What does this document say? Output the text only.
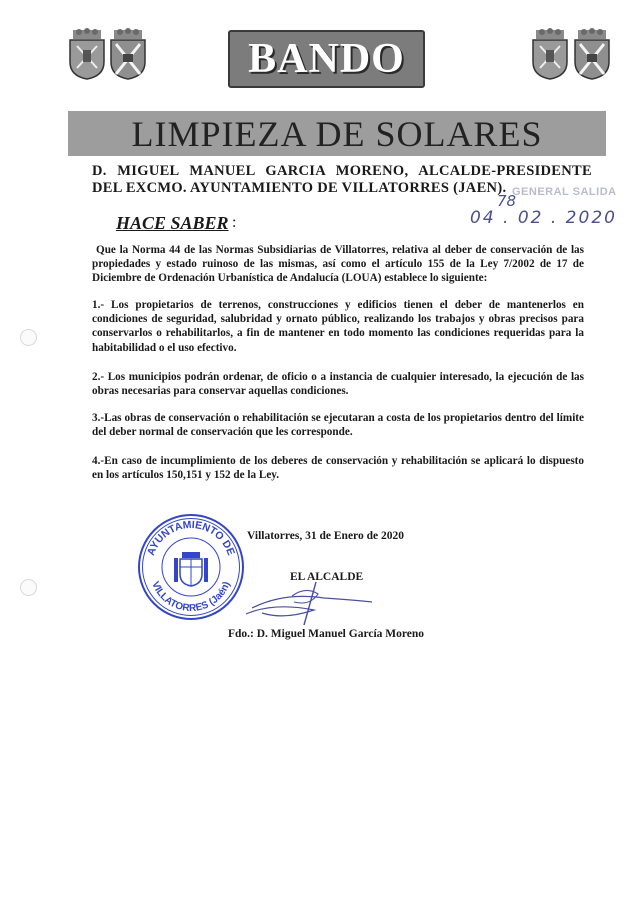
BANDO
LIMPIEZA DE SOLARES
GENERAL SALIDA
78
04 . 02 . 2020
D. MIGUEL MANUEL GARCIA MORENO, ALCALDE-PRESIDENTE
DEL EXCMO. AYUNTAMIENTO DE VILLATORRES (JAEN).
HACE SABER :
Que la Norma 44 de las Normas Subsidiarias de Villatorres, relativa al deber de conservación de las propiedades y estado ruinoso de las mismas, así como el artículo 155 de la Ley 7/2002 de 17 de Diciembre de Ordenación Urbanística de Andalucía (LOUA) establece lo siguiente:
1.- Los propietarios de terrenos, construcciones y edificios tienen el deber de mantenerlos en condiciones de seguridad, salubridad y ornato público, realizando los trabajos y obras precisos para conservarlos o rehabilitarlos, a fin de mantener en todo momento las condiciones requeridas para la habitabilidad o el uso efectivo.
2.- Los municipios podrán ordenar, de oficio o a instancia de cualquier interesado, la ejecución de las obras necesarias para conservar aquellas condiciones.
3.-Las obras de conservación o rehabilitación se ejecutaran a costa de los propietarios dentro del límite del deber normal de conservación que les corresponde.
4.-En caso de incumplimiento de los deberes de conservación y rehabilitación se aplicará lo dispuesto en los artículos 150,151 y 152 de la Ley.
AYUNTAMIENTO DE
VILLATORRES (Jaén)
Villatorres, 31 de Enero de 2020
EL ALCALDE
Fdo.: D. Miguel Manuel García Moreno
